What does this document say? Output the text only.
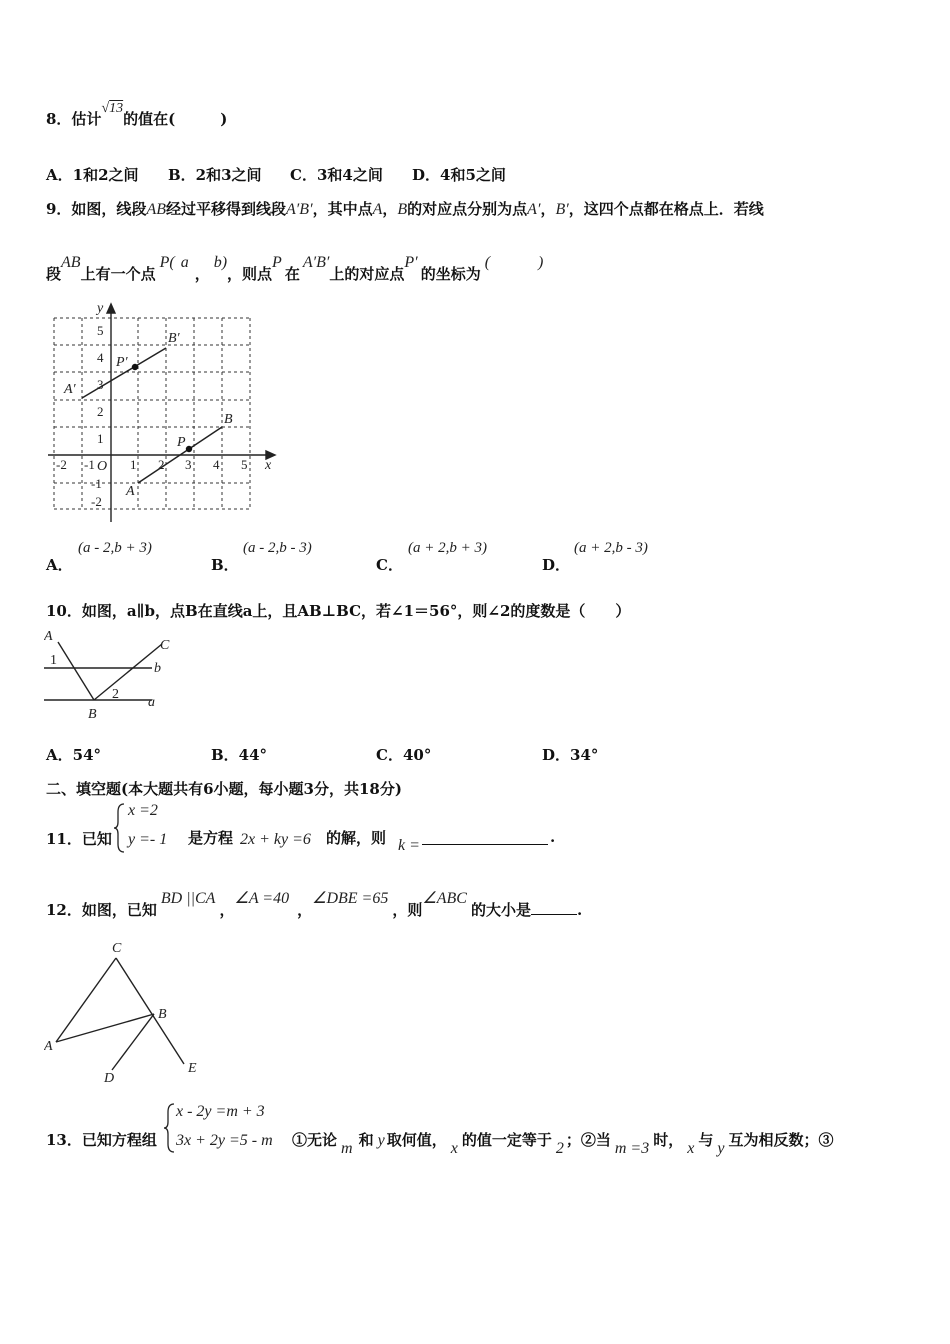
8．估计√13的值在(　　　)
A．1和2之间 B．2和3之间 C．3和4之间 D．4和5之间
9．如图，线段AB经过平移得到线段A′B′，其中点A，B的对应点分别为点A′，B′，这四个点都在格点上．若线
段AB上有一个点P( a，b)，则点P在A′B′上的对应点P′的坐标为(　　　)
y
x
O
A′
B′
P′
A
B
P
-2 -1	1 2 3 4 5
5
4
3
2
1
-1
-2
A．
(a - 2,b + 3)
B．
(a - 2,b - 3)
C．
(a + 2,b + 3)
D．
(a + 2,b - 3)
10．如图，a∥b，点B在直线a上，且AB⊥BC，若∠1＝56°，则∠2的度数是（　　）
A
1
C
b
2
B
a
A．54°	B．44°	C．40°	D．34°
二、填空题(本大题共有6小题，每小题3分，共18分)
11．已知
x =2
y =- 1 是方程 2x + ky =6 的解，则 k =	.
12．如图，已知BD ||CA，∠A =40，∠DBE =65，则∠ABC的大小是	.
C
B
A
D
E
13．已知方程组
x - 2y =m + 3
3x + 2y =5 - m ①无论 m 和 y 取何值， x 的值一定等于 2 ；②当 m =3 时， x 与 y 互为相反数；③
